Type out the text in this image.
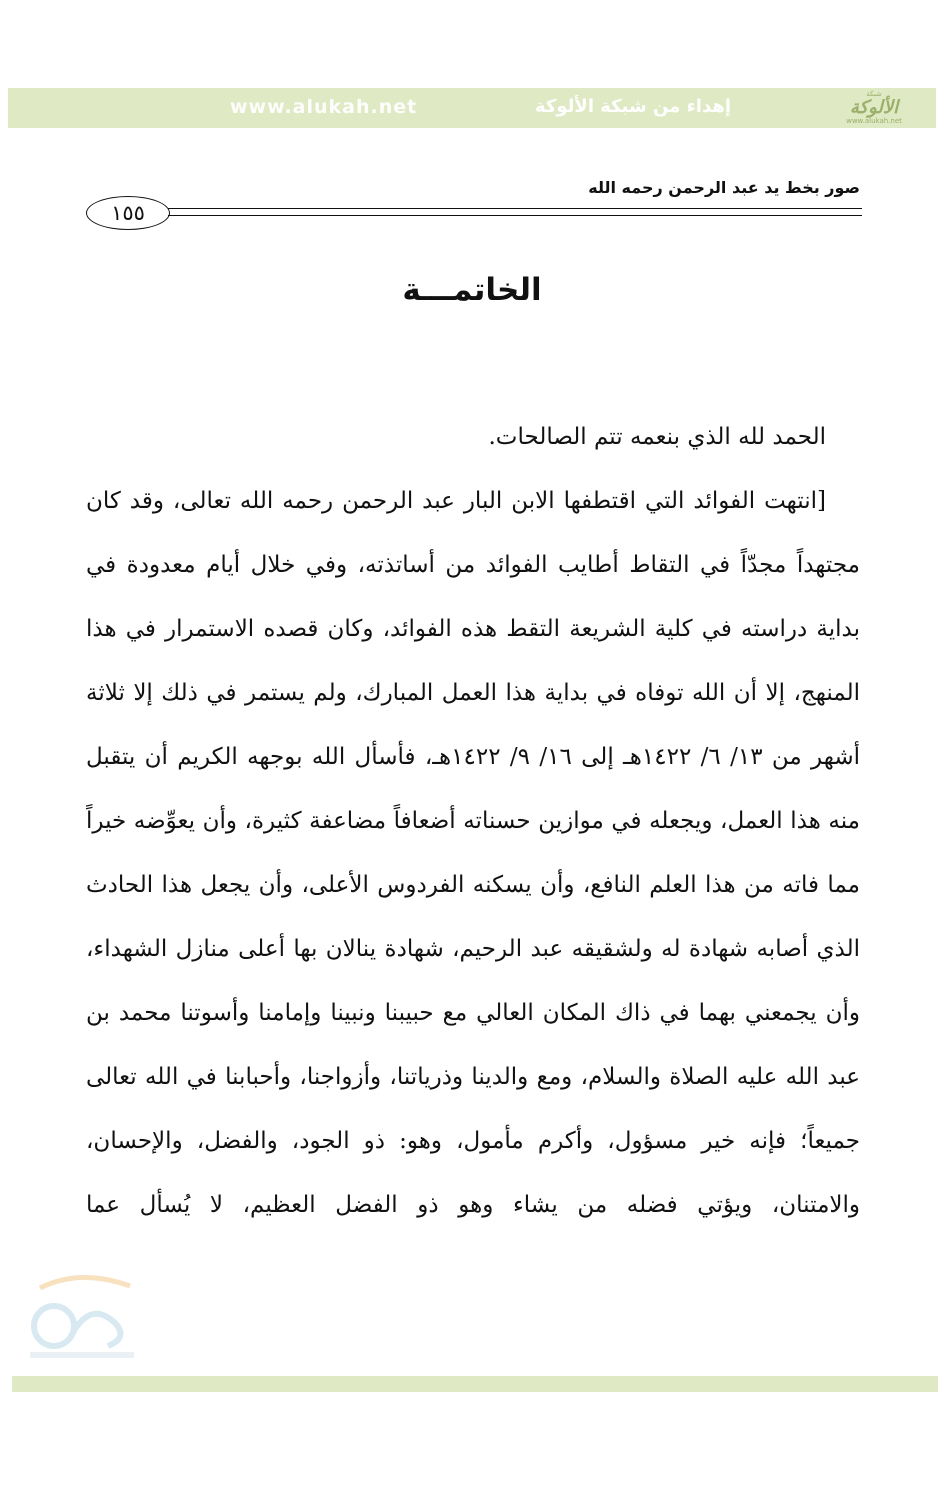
www.alukah.net	إهداء من شبكة الألوكة
شبكة
الألوكة
www.alukah.net
صور بخط يد عبد الرحمن رحمه الله
١٥٥
الخاتمـــة

الحمد لله الذي بنعمه تتم الصالحات.

[انتهت الفوائد التي اقتطفها الابن البار عبد الرحمن رحمه الله تعالى، وقد كان مجتهداً مجدّاً في التقاط أطايب الفوائد من أساتذته، وفي خلال أيام معدودة في بداية دراسته في كلية الشريعة التقط هذه الفوائد، وكان قصده الاستمرار في هذا المنهج، إلا أن الله توفاه في بداية هذا العمل المبارك، ولم يستمر في ذلك إلا ثلاثة أشهر من ١٣/ ٦/ ١٤٢٢هـ إلى ١٦/ ٩/ ١٤٢٢هـ، فأسأل الله بوجهه الكريم أن يتقبل منه هذا العمل، ويجعله في موازين حسناته أضعافاً مضاعفة كثيرة، وأن يعوِّضه خيراً مما فاته من هذا العلم النافع، وأن يسكنه الفردوس الأعلى، وأن يجعل هذا الحادث الذي أصابه شهادة له ولشقيقه عبد الرحيم، شهادة ينالان بها أعلى منازل الشهداء، وأن يجمعني بهما في ذاك المكان العالي مع حبيبنا ونبينا وإمامنا وأسوتنا محمد بن عبد الله عليه الصلاة والسلام، ومع والدينا وذرياتنا، وأزواجنا، وأحبابنا في الله تعالى جميعاً؛ فإنه خير مسؤول، وأكرم مأمول، وهو: ذو الجود، والفضل، والإحسان، والامتنان، ويؤتي فضله من يشاء وهو ذو الفضل العظيم، لا يُسأل عما
